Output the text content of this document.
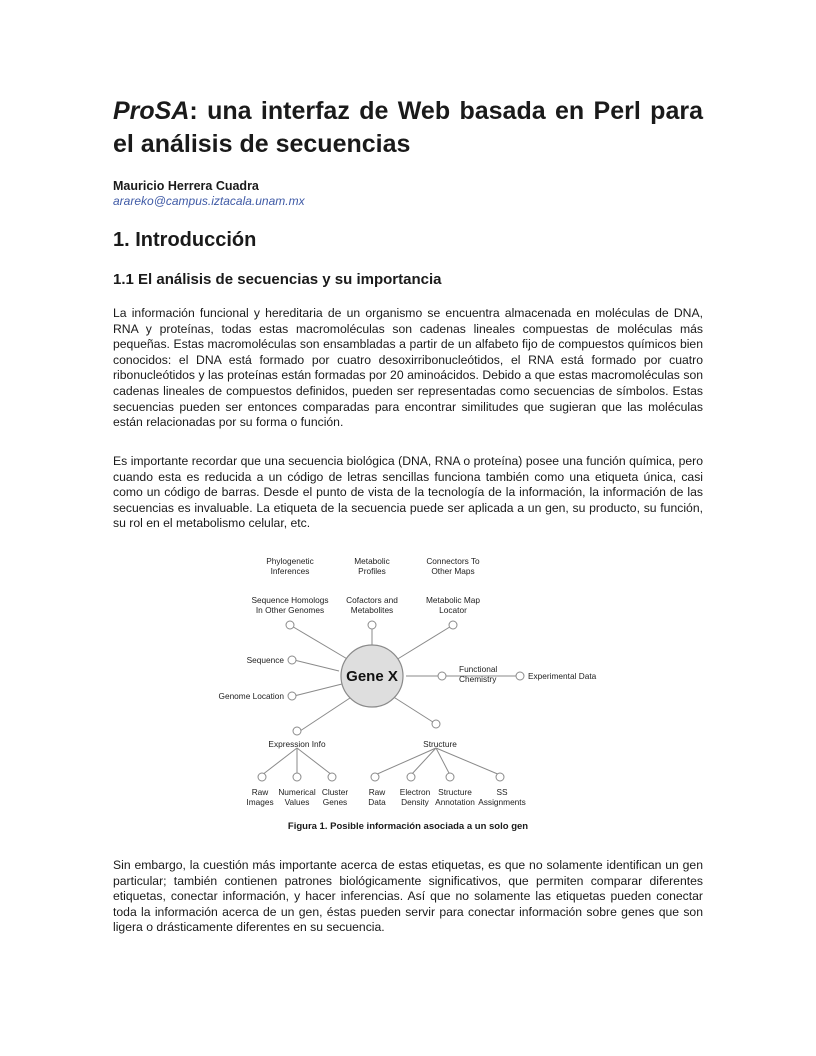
ProSA: una interfaz de Web basada en Perl para el análisis de secuencias

Mauricio Herrera Cuadra

arareko@campus.iztacala.unam.mx

1. Introducción
1.1 El análisis de secuencias y su importancia

La información funcional y hereditaria de un organismo se encuentra almacenada en moléculas de DNA, RNA y proteínas, todas estas macromoléculas son cadenas lineales compuestas de moléculas más pequeñas. Estas macromoléculas son ensambladas a partir de un alfabeto fijo de compuestos químicos bien conocidos: el DNA está formado por cuatro desoxirribonucleótidos, el RNA está formado por cuatro ribonucleótidos y las proteínas están formadas por 20 aminoácidos. Debido a que estas macromoléculas son cadenas lineales de compuestos definidos, pueden ser representadas como secuencias de símbolos. Estas secuencias pueden ser entonces comparadas para encontrar similitudes que sugieran que las moléculas están relacionadas por su forma o función.

Es importante recordar que una secuencia biológica (DNA, RNA o proteína) posee una función química, pero cuando esta es reducida a un código de letras sencillas funciona también como una etiqueta única, casi como un código de barras. Desde el punto de vista de la tecnología de la información, la información de las secuencias es invaluable. La etiqueta de la secuencia puede ser aplicada a un gen, su producto, su función, su rol en el metabolismo celular, etc.

Gene X
Phylogenetic
Inferences
Metabolic
Profiles
Connectors To
Other Maps
Sequence Homologs
In Other Genomes
Cofactors and
Metabolites
Metabolic Map
Locator
Sequence
Genome Location
Functional
Chemistry	Experimental Data
Expression Info	Structure
Raw
Images
Numerical
Values
Cluster
Genes
Raw
Data
Electron
Density
Structure
Annotation
SS
Assignments

Figura 1. Posible información asociada a un solo gen

Sin embargo, la cuestión más importante acerca de estas etiquetas, es que no solamente identifican un gen particular; también contienen patrones biológicamente significativos, que permiten comparar diferentes etiquetas, conectar información, y hacer inferencias. Así que no solamente las etiquetas pueden conectar toda la información acerca de un gen, éstas pueden servir para conectar información sobre genes que son ligera o drásticamente diferentes en su secuencia.
